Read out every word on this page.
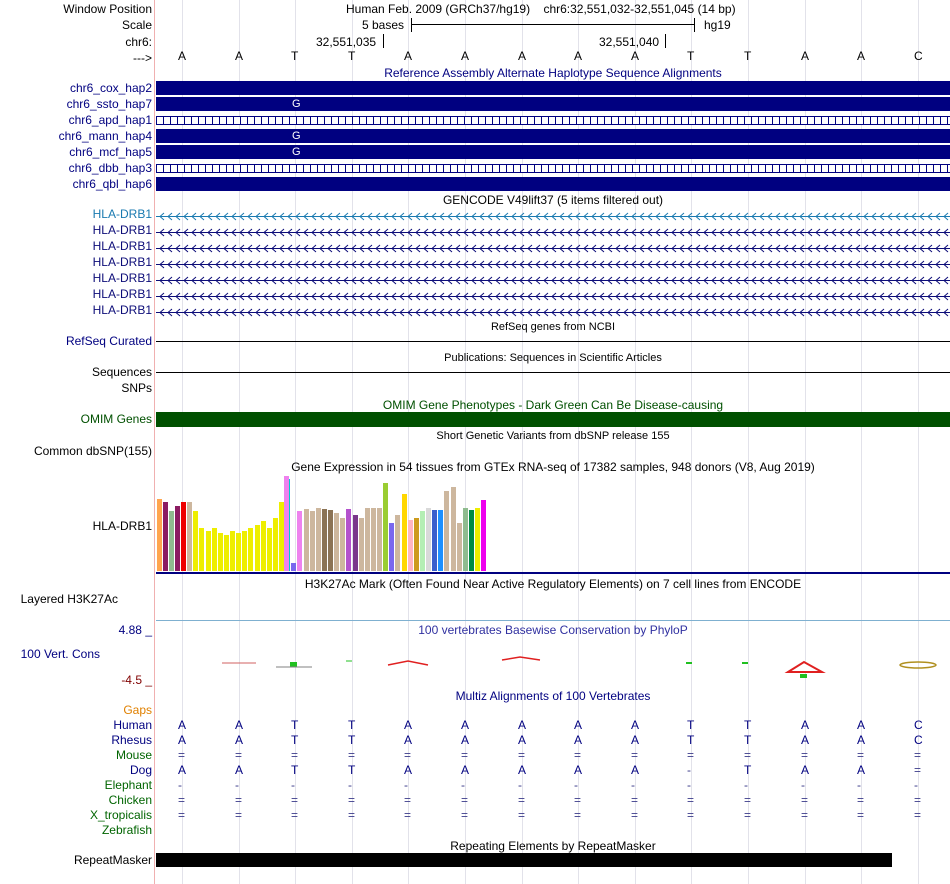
Window Position	Human Feb. 2009 (GRCh37/hg19)    chr6:32,551,032-32,551,045 (14 bp)
Scale	5 bases	hg19
chr6:	32,551,035	32,551,040
---> A	A	T	T	A	A	A	A	A	T	T	A	A	C
Reference Assembly Alternate Haplotype Sequence Alignments
chr6_cox_hap2
chr6_ssto_hap7	G
chr6_apd_hap1
chr6_mann_hap4	G
chr6_mcf_hap5	G
chr6_dbb_hap3
chr6_qbl_hap6
GENCODE V49lift37 (5 items filtered out)
HLA-DRB1
HLA-DRB1
HLA-DRB1
HLA-DRB1
HLA-DRB1
HLA-DRB1
HLA-DRB1
RefSeq genes from NCBI
RefSeq Curated
Publications: Sequences in Scientific Articles
Sequences
SNPs
OMIM Gene Phenotypes - Dark Green Can Be Disease-causing
OMIM Genes
Short Genetic Variants from dbSNP release 155
Common dbSNP(155)
Gene Expression in 54 tissues from GTEx RNA-seq of 17382 samples, 948 donors (V8, Aug 2019)
HLA-DRB1
H3K27Ac Mark (Often Found Near Active Regulatory Elements) on 7 cell lines from ENCODE
Layered H3K27Ac
100 vertebrates Basewise Conservation by PhyloP
4.88 _
100 Vert. Cons
-4.5 _
Multiz Alignments of 100 Vertebrates
Gaps
Human A	A	T	T	A	A	A	A	A	T	T	A	A	C
Rhesus A	A	T	T	A	A	A	A	A	T	T	A	A	C
Mouse =	=	=	=	=	=	=	=	=	=	=	=	=	=
Dog A	A	T	T	A	A	A	A	A	-	T	A	A	=
Elephant -	-	-	-	-	-	-	-	-	-	-	-	-	-
Chicken =	=	=	=	=	=	=	=	=	=	=	=	=	=
X_tropicalis =	=	=	=	=	=	=	=	=	=	=	=	=	=
Zebrafish
Repeating Elements by RepeatMasker
RepeatMasker
